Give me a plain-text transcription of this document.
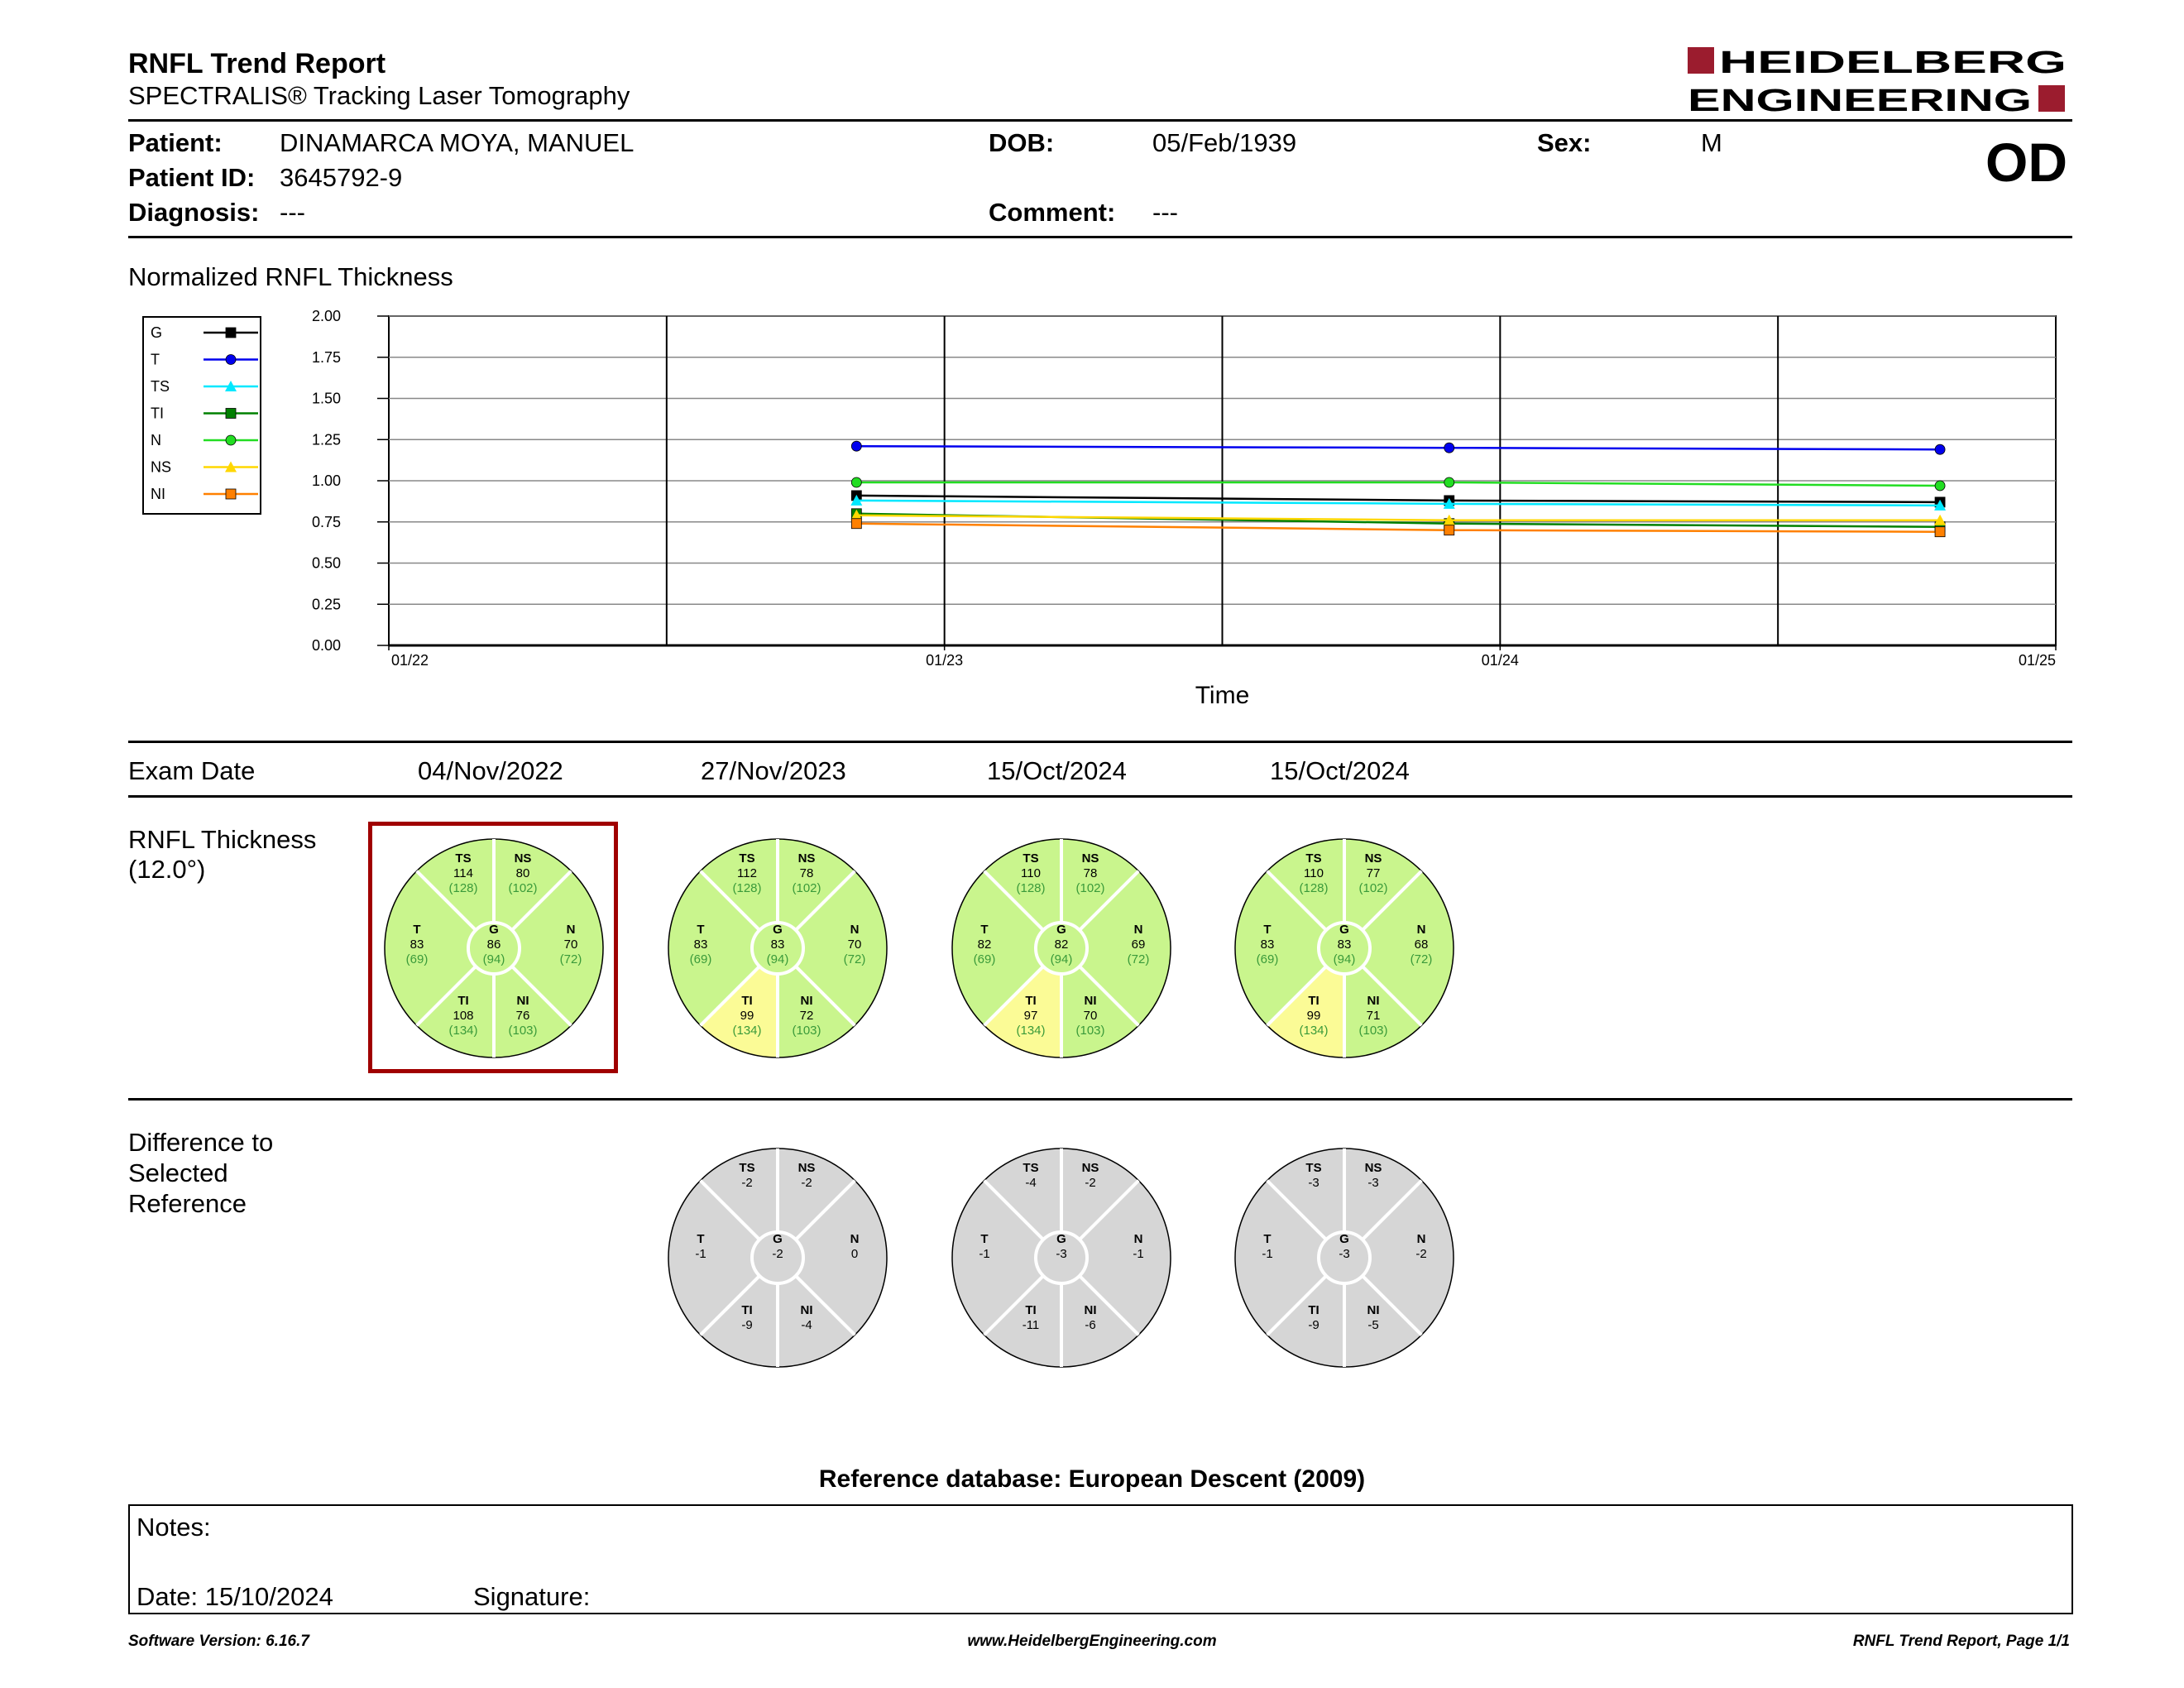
RNFL Trend Report
SPECTRALIS® Tracking Laser Tomography
HEIDELBERG
ENGINEERING
Patient: DINAMARCA MOYA, MANUEL
Patient ID: 3645792-9
Diagnosis: ---
DOB:	05/Feb/1939
Comment: ---
Sex:	M	OD
Normalized RNFL Thickness
G
T
TS
TI
N
NS
NI
0.00
0.25
0.50
0.75
1.00
1.25
1.50
1.75
2.00
01/22	01/23	01/24	01/25
Time
Exam Date	04/Nov/2022	27/Nov/2023	15/Oct/2024	15/Oct/2024
RNFL Thickness
(12.0°)	TS
114
(128)
NS
80
(102)
T
83
(69)
G
86
(94)
N
70
(72)
TI
108
(134)
NI
76
(103)
TS
112
(128)
NS
78
(102)
T
83
(69)
G
83
(94)
N
70
(72)
TI
99
(134)
NI
72
(103)
TS
110
(128)
NS
78
(102)
T
82
(69)
G
82
(94)
N
69
(72)
TI
97
(134)
NI
70
(103)
TS
110
(128)
NS
77
(102)
T
83
(69)
G
83
(94)
N
68
(72)
TI
99
(134)
NI
71
(103)
Difference to
Selected
Reference
TS
-2
NS
-2
T
-1
G
-2
N
0
TI
-9
NI
-4
TS
-4
NS
-2
T
-1
G
-3
N
-1
TI
-11
NI
-6
TS
-3
NS
-3
T
-1
G
-3
N
-2
TI
-9
NI
-5
Reference database: European Descent (2009)
Notes:
Date: 15/10/2024	Signature:
Software Version: 6.16.7	www.HeidelbergEngineering.com	RNFL Trend Report, Page 1/1
